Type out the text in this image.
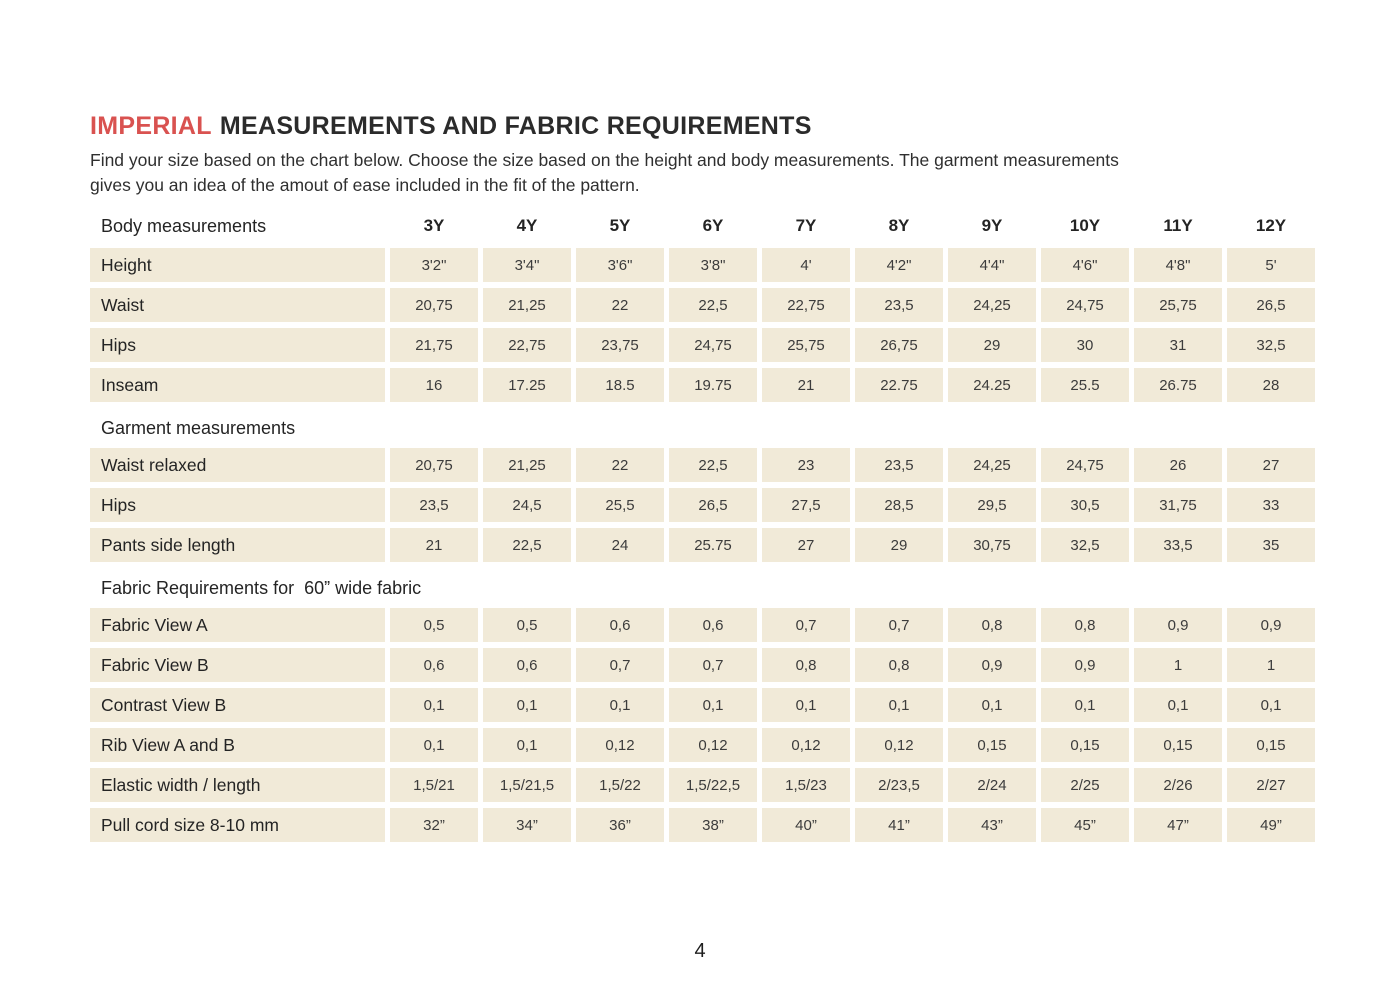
IMPERIAL MEASUREMENTS AND FABRIC REQUIREMENTS
Find your size based on the chart below. Choose the size based on the height and body measurements. The garment measurements
gives you an idea of the amout of ease included in the fit of the pattern.
Body measurements	3Y	4Y	5Y	6Y	7Y	8Y	9Y	10Y	11Y	12Y
Height	3'2"	3'4"	3'6"	3'8"	4'	4'2"	4'4"	4'6"	4'8"	5'
Waist	20,75	21,25	22	22,5	22,75	23,5	24,25	24,75	25,75	26,5
Hips	21,75	22,75	23,75	24,75	25,75	26,75	29	30	31	32,5
Inseam	16	17.25	18.5	19.75	21	22.75	24.25	25.5	26.75	28
Garment measurements
Waist relaxed	20,75	21,25	22	22,5	23	23,5	24,25	24,75	26	27
Hips	23,5	24,5	25,5	26,5	27,5	28,5	29,5	30,5	31,75	33
Pants side length	21	22,5	24	25.75	27	29	30,75	32,5	33,5	35
Fabric Requirements for  60” wide fabric
Fabric View A	0,5	0,5	0,6	0,6	0,7	0,7	0,8	0,8	0,9	0,9
Fabric View B	0,6	0,6	0,7	0,7	0,8	0,8	0,9	0,9	1	1
Contrast View B	0,1	0,1	0,1	0,1	0,1	0,1	0,1	0,1	0,1	0,1
Rib View A and B	0,1	0,1	0,12	0,12	0,12	0,12	0,15	0,15	0,15	0,15
Elastic width / length	1,5/21	1,5/21,5	1,5/22	1,5/22,5	1,5/23	2/23,5	2/24	2/25	2/26	2/27
Pull cord size 8-10 mm	32”	34”	36”	38”	40”	41”	43”	45”	47”	49”
4
